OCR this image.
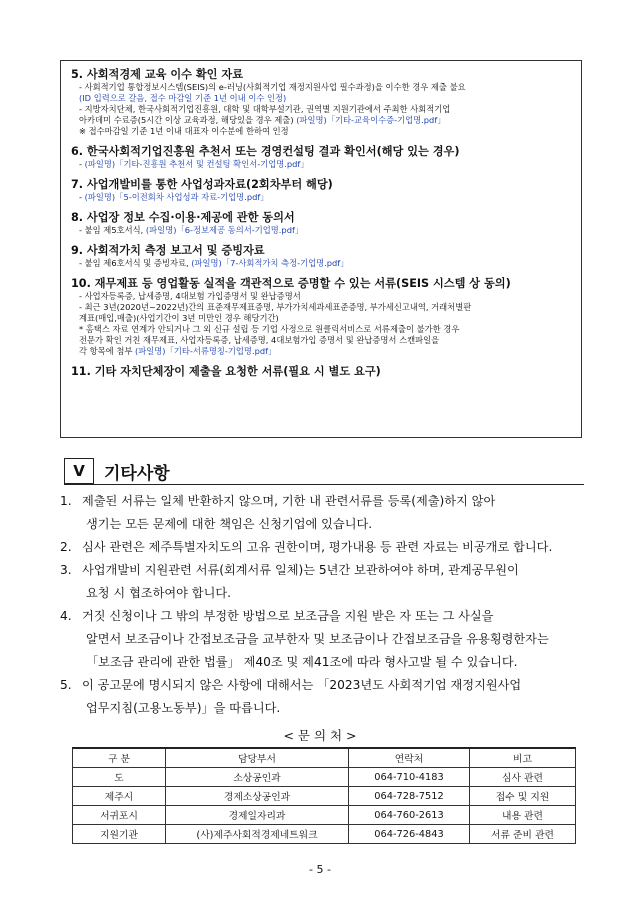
5. 사회적경제 교육 이수 확인 자료
- 사회적기업 통합정보시스템(SEIS)의 e-러닝(사회적기업 재정지원사업 필수과정)을 이수한 경우 제출 불요
(ID 입력으로 갈음, 접수 마감일 기준 1년 이내 이수 인정)
- 지방자치단체, 한국사회적기업진흥원, 대학 및 대학부설기관, 권역별 지원기관에서 주최한 사회적기업
아카데미 수료증(5시간 이상 교육과정, 해당있을 경우 제출) (파일명)「기타-교육이수증-기업명.pdf」
※ 접수마감일 기준 1년 이내 대표자 이수분에 한하여 인정
6. 한국사회적기업진흥원 추천서 또는 경영컨설팅 결과 확인서(해당 있는 경우)
- (파일명)「기타-진흥원 추천서 및 컨설팅 확인서-기업명.pdf」
7. 사업개발비를 통한 사업성과자료(2회차부터 해당)
- (파일명)「5-이전회차 사업성과 자료-기업명.pdf」
8. 사업장 정보 수집·이용·제공에 관한 동의서
- 붙임 제5호서식, (파일명)「6-정보제공 동의서-기업명.pdf」
9. 사회적가치 측정 보고서 및 증빙자료
- 붙임 제6호서식 및 증빙자료, (파일명)「7-사회적가치 측정-기업명.pdf」
10. 재무제표 등 영업활동 실적을 객관적으로 증명할 수 있는 서류(SEIS 시스템 상 동의)
- 사업자등록증, 납세증명, 4대보험 가입증명서 및 완납증명서
- 최근 3년(2020년~2022년)간의 표준재무제표증명, 부가가치세과세표준증명, 부가세신고내역, 거래처별판
계표(매입,매출)(사업기간이 3년 미만인 경우 해당기간)
* 홈택스 자료 연계가 안되거나 그 외 신규 설립 등 기업 사정으로 원클릭서비스로 서류제출이 불가한 경우
전문가 확인 거친 재무제표, 사업자등록증, 납세증명, 4대보험가입 증명서 및 완납증명서 스캔파일을
각 항목에 첨부 (파일명)「기타-서류명칭-기업명.pdf」
11. 기타 자치단체장이 제출을 요청한 서류(필요 시 별도 요구)
Ⅴ	기타사항
1. 제출된 서류는 일체 반환하지 않으며, 기한 내 관련서류를 등록(제출)하지 않아
생기는 모든 문제에 대한 책임은 신청기업에 있습니다.
2. 심사 관련은 제주특별자치도의 고유 권한이며, 평가내용 등 관련 자료는 비공개로 합니다.
3. 사업개발비 지원관련 서류(회계서류 일체)는 5년간 보관하여야 하며, 관계공무원이
요청 시 협조하여야 합니다.
4. 거짓 신청이나 그 밖의 부정한 방법으로 보조금을 지원 받은 자 또는 그 사실을
알면서 보조금이나 간접보조금을 교부한자 및 보조금이나 간접보조금을 유용횡령한자는
「보조금 관리에 관한 법률」 제40조 및 제41조에 따라 형사고발 될 수 있습니다.
5. 이 공고문에 명시되지 않은 사항에 대해서는 「2023년도 사회적기업 재정지원사업
업무지침(고용노동부)」을 따릅니다.
< 문 의 처 >
구 분	담당부서	연락처	비고
도	소상공인과	064-710-4183	심사 관련
제주시	경제소상공인과	064-728-7512	접수 및 지원
서귀포시	경제일자리과	064-760-2613	내용 관련
지원기관	(사)제주사회적경제네트워크	064-726-4843	서류 준비 관련
- 5 -
